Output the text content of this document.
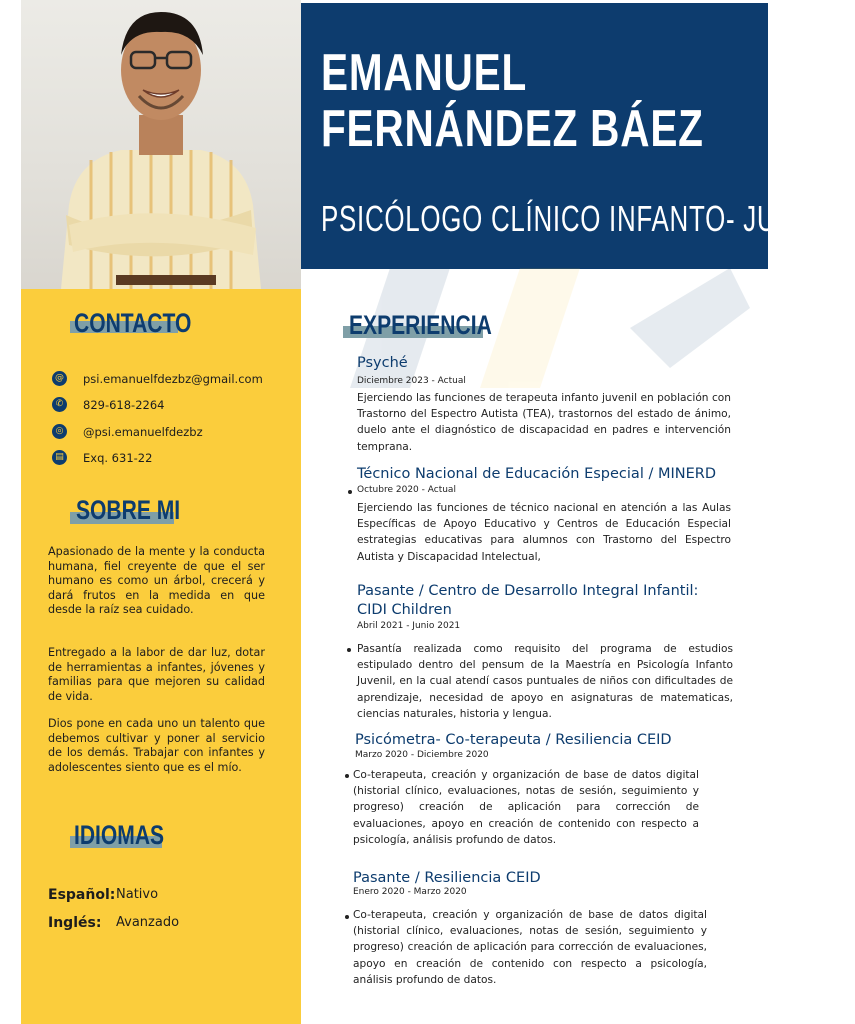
EMANUEL
FERNÁNDEZ BÁEZ
PSICÓLOGO CLÍNICO INFANTO- JUVENIL
CONTACTO
@ psi.emanuelfdezbz@gmail.com
✆	829-618-2264
◎	@psi.emanuelfdezbz
▤ Exq. 631-22
SOBRE MI
Apasionado de la mente y la conducta humana, fiel creyente de que el ser humano es como un árbol, crecerá y dará frutos en la medida en que desde la raíz sea cuidado.
Entregado a la labor de dar luz, dotar de herramientas a infantes, jóvenes y familias para que mejoren su calidad de vida.
Dios pone en cada uno un talento que debemos cultivar y poner al servicio de los demás. Trabajar con infantes y adolescentes siento que es el mío.
IDIOMAS
Español: Nativo
Inglés:	Avanzado
EXPERIENCIA
Psyché
Diciembre 2023 - Actual
Ejerciendo las funciones de terapeuta infanto juvenil en población con Trastorno del Espectro Autista (TEA), trastornos del estado de ánimo, duelo ante el diagnóstico de discapacidad en padres e intervención temprana.
Técnico Nacional de Educación Especial / MINERD
Octubre 2020 - Actual
Ejerciendo las funciones de técnico nacional en atención a las Aulas Específicas de Apoyo Educativo y Centros de Educación Especial estrategias educativas para alumnos con Trastorno del Espectro Autista y Discapacidad Intelectual,
Pasante / Centro de Desarrollo Integral Infantil: CIDI Children
Abril 2021 - Junio 2021
Pasantía realizada como requisito del programa de estudios estipulado dentro del pensum de la Maestría en Psicología Infanto Juvenil, en la cual atendí casos puntuales de niños con dificultades de aprendizaje, necesidad de apoyo en asignaturas de matematicas, ciencias naturales, historia y lengua.
Psicómetra- Co-terapeuta / Resiliencia CEID
Marzo 2020 - Diciembre 2020
Co-terapeuta, creación y organización de base de datos digital (historial clínico, evaluaciones, notas de sesión, seguimiento y progreso) creación de aplicación para corrección de evaluaciones, apoyo en creación de contenido con respecto a psicología, análisis profundo de datos.
Pasante / Resiliencia CEID
Enero 2020 - Marzo 2020
Co-terapeuta, creación y organización de base de datos digital (historial clínico, evaluaciones, notas de sesión, seguimiento y progreso) creación de aplicación para corrección de evaluaciones, apoyo en creación de contenido con respecto a psicología, análisis profundo de datos.
